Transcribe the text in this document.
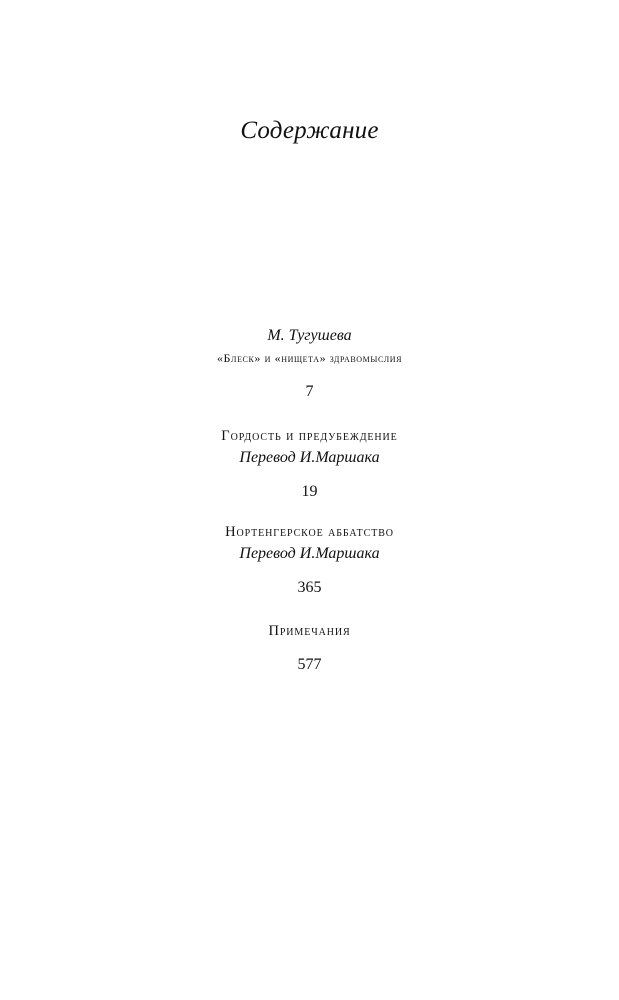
Содержание
М. Тугушева
«Блеск» и «нищета» здравомыслия
7
Гордость и предубеждение
Перевод И.Маршака
19
Нортенгерское аббатство
Перевод И.Маршака
365
Примечания
577
